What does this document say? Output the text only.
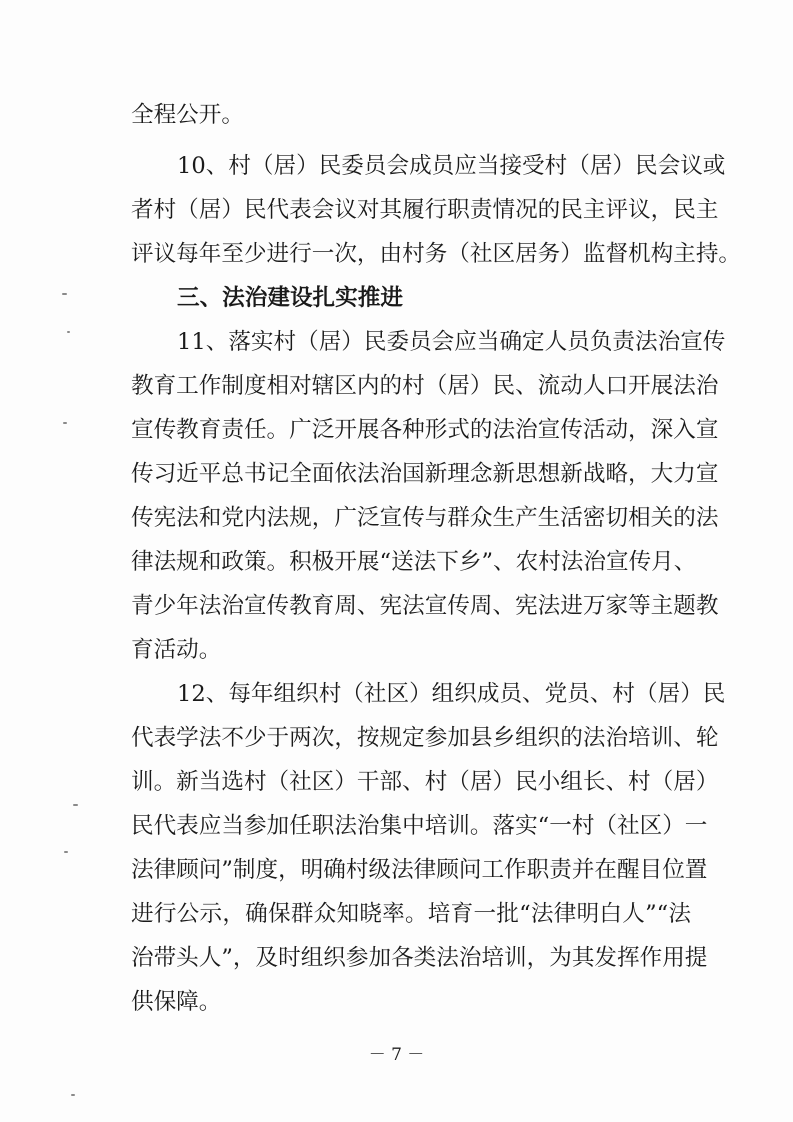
全程公开。
10、村（居）民委员会成员应当接受村（居）民会议或
者村（居）民代表会议对其履行职责情况的民主评议，民主
评议每年至少进行一次，由村务（社区居务）监督机构主持。
三、法治建设扎实推进
11、落实村（居）民委员会应当确定人员负责法治宣传
教育工作制度相对辖区内的村（居）民、流动人口开展法治
宣传教育责任。广泛开展各种形式的法治宣传活动，深入宣
传习近平总书记全面依法治国新理念新思想新战略，大力宣
传宪法和党内法规，广泛宣传与群众生产生活密切相关的法
律法规和政策。积极开展“送法下乡”、农村法治宣传月、
青少年法治宣传教育周、宪法宣传周、宪法进万家等主题教
育活动。
12、每年组织村（社区）组织成员、党员、村（居）民
代表学法不少于两次，按规定参加县乡组织的法治培训、轮
训。新当选村（社区）干部、村（居）民小组长、村（居）
民代表应当参加任职法治集中培训。落实“一村（社区）一
法律顾问”制度，明确村级法律顾问工作职责并在醒目位置
进行公示，确保群众知晓率。培育一批“法律明白人”“法
治带头人”，及时组织参加各类法治培训，为其发挥作用提
供保障。
－ 7 －
